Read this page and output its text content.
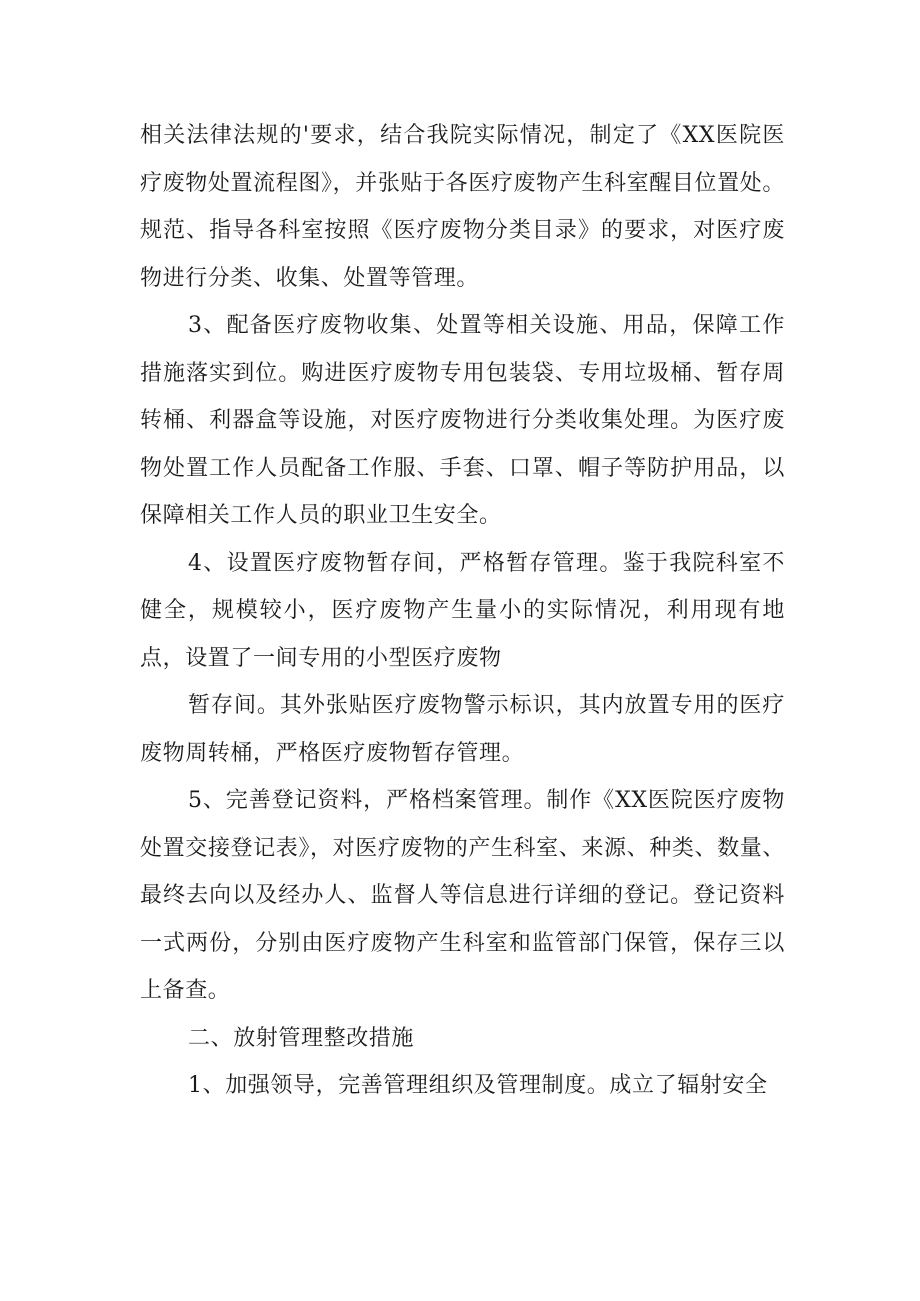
相关法律法规的'要求，结合我院实际情况，制定了《XX医院医疗废物处置流程图》，并张贴于各医疗废物产生科室醒目位置处。规范、指导各科室按照《医疗废物分类目录》的要求，对医疗废物进行分类、收集、处置等管理。

3、配备医疗废物收集、处置等相关设施、用品，保障工作措施落实到位。购进医疗废物专用包装袋、专用垃圾桶、暂存周转桶、利器盒等设施，对医疗废物进行分类收集处理。为医疗废物处置工作人员配备工作服、手套、口罩、帽子等防护用品，以保障相关工作人员的职业卫生安全。

4、设置医疗废物暂存间，严格暂存管理。鉴于我院科室不健全，规模较小，医疗废物产生量小的实际情况，利用现有地点，设置了一间专用的小型医疗废物

暂存间。其外张贴医疗废物警示标识，其内放置专用的医疗废物周转桶，严格医疗废物暂存管理。

5、完善登记资料，严格档案管理。制作《XX医院医疗废物处置交接登记表》，对医疗废物的产生科室、来源、种类、数量、最终去向以及经办人、监督人等信息进行详细的登记。登记资料一式两份，分别由医疗废物产生科室和监管部门保管，保存三以上备查。

二、放射管理整改措施

1、加强领导，完善管理组织及管理制度。成立了辐射安全
